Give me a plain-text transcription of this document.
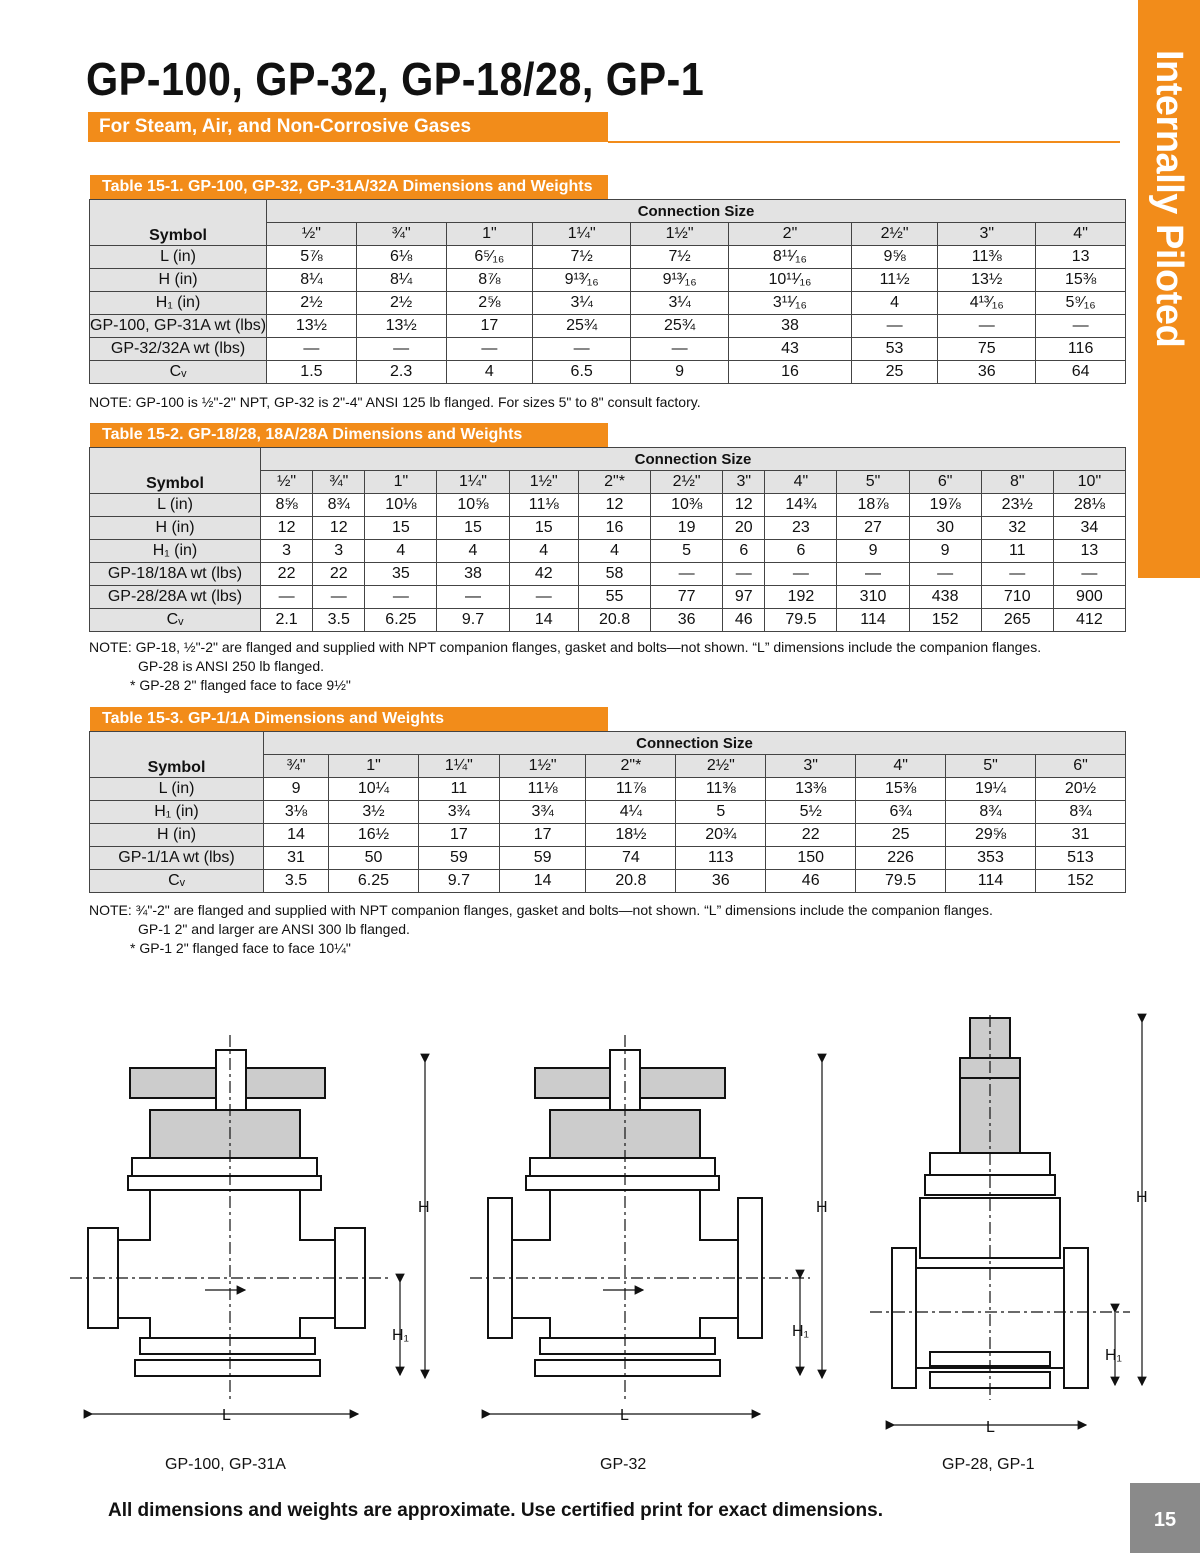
GP-100, GP-32, GP-18/28, GP-1
For Steam, Air, and Non-Corrosive Gases	Internally Piloted
Table 15-1. GP-100, GP-32, GP-31A/32A Dimensions and Weights
Symbol	Connection Size								
	½"	¾"	1"	1¼"	1½"	2"	2½"	3"	4"
L (in)	5⅞	6⅛	6⁵⁄₁₆	7½	7½	8¹¹⁄₁₆	9⅝	11⅜	13
H (in)	8¼	8¼	8⅞	9¹³⁄₁₆	9¹³⁄₁₆	10¹¹⁄₁₆	11½	13½	15⅜
H₁ (in)	2½	2½	2⅝	3¼	3¼	3¹¹⁄₁₆	4	4¹³⁄₁₆	5⁹⁄₁₆
GP-100, GP-31A wt (lbs)	13½	13½	17	25¾	25¾	38	—	—	—
GP-32/32A wt (lbs)	—	—	—	—	—	43	53	75	116
Cᵥ	1.5	2.3	4	6.5	9	16	25	36	64
NOTE: GP-100 is ½"-2" NPT, GP-32 is 2"-4" ANSI 125 lb flanged. For sizes 5" to 8" consult factory.
Table 15-2. GP-18/28, 18A/28A Dimensions and Weights
Symbol	Connection Size												
	½"	¾"	1"	1¼"	1½"	2"*	2½"	3"	4"	5"	6"	8"	10"
L (in)	8⅝	8¾	10⅛	10⅝	11⅛	12	10⅜	12	14¾	18⅞	19⅞	23½	28⅛
H (in)	12	12	15	15	15	16	19	20	23	27	30	32	34
H₁ (in)	3	3	4	4	4	4	5	6	6	9	9	11	13
GP-18/18A wt (lbs)	22	22	35	38	42	58	—	—	—	—	—	—	—
GP-28/28A wt (lbs)	—	—	—	—	—	55	77	97	192	310	438	710	900
Cᵥ	2.1	3.5	6.25	9.7	14	20.8	36	46	79.5	114	152	265	412
NOTE: GP-18, ½"-2" are flanged and supplied with NPT companion flanges, gasket and bolts—not shown. “L” dimensions include the companion flanges.
GP-28 is ANSI 250 lb flanged.
* GP-28 2" flanged face to face 9½"
Table 15-3. GP-1/1A Dimensions and Weights
Symbol	Connection Size									
	¾"	1"	1¼"	1½"	2"*	2½"	3"	4"	5"	6"
L (in)	9	10¼	11	11⅛	11⅞	11⅜	13⅜	15⅜	19¼	20½
H₁ (in)	3⅛	3½	3¾	3¾	4¼	5	5½	6¾	8¾	8¾
H (in)	14	16½	17	17	18½	20¾	22	25	29⅝	31
GP-1/1A wt (lbs)	31	50	59	59	74	113	150	226	353	513
Cᵥ	3.5	6.25	9.7	14	20.8	36	46	79.5	114	152
NOTE: ¾"-2" are flanged and supplied with NPT companion flanges, gasket and bolts—not shown. “L” dimensions include the companion flanges.
GP-1 2" and larger are ANSI 300 lb flanged.
* GP-1 2" flanged face to face 10¼"
H
H₁
L
H
H₁
L
H
H₁
L
GP-100, GP-31A	GP-32	GP-28, GP-1
All dimensions and weights are approximate. Use certified print for exact dimensions.	15
